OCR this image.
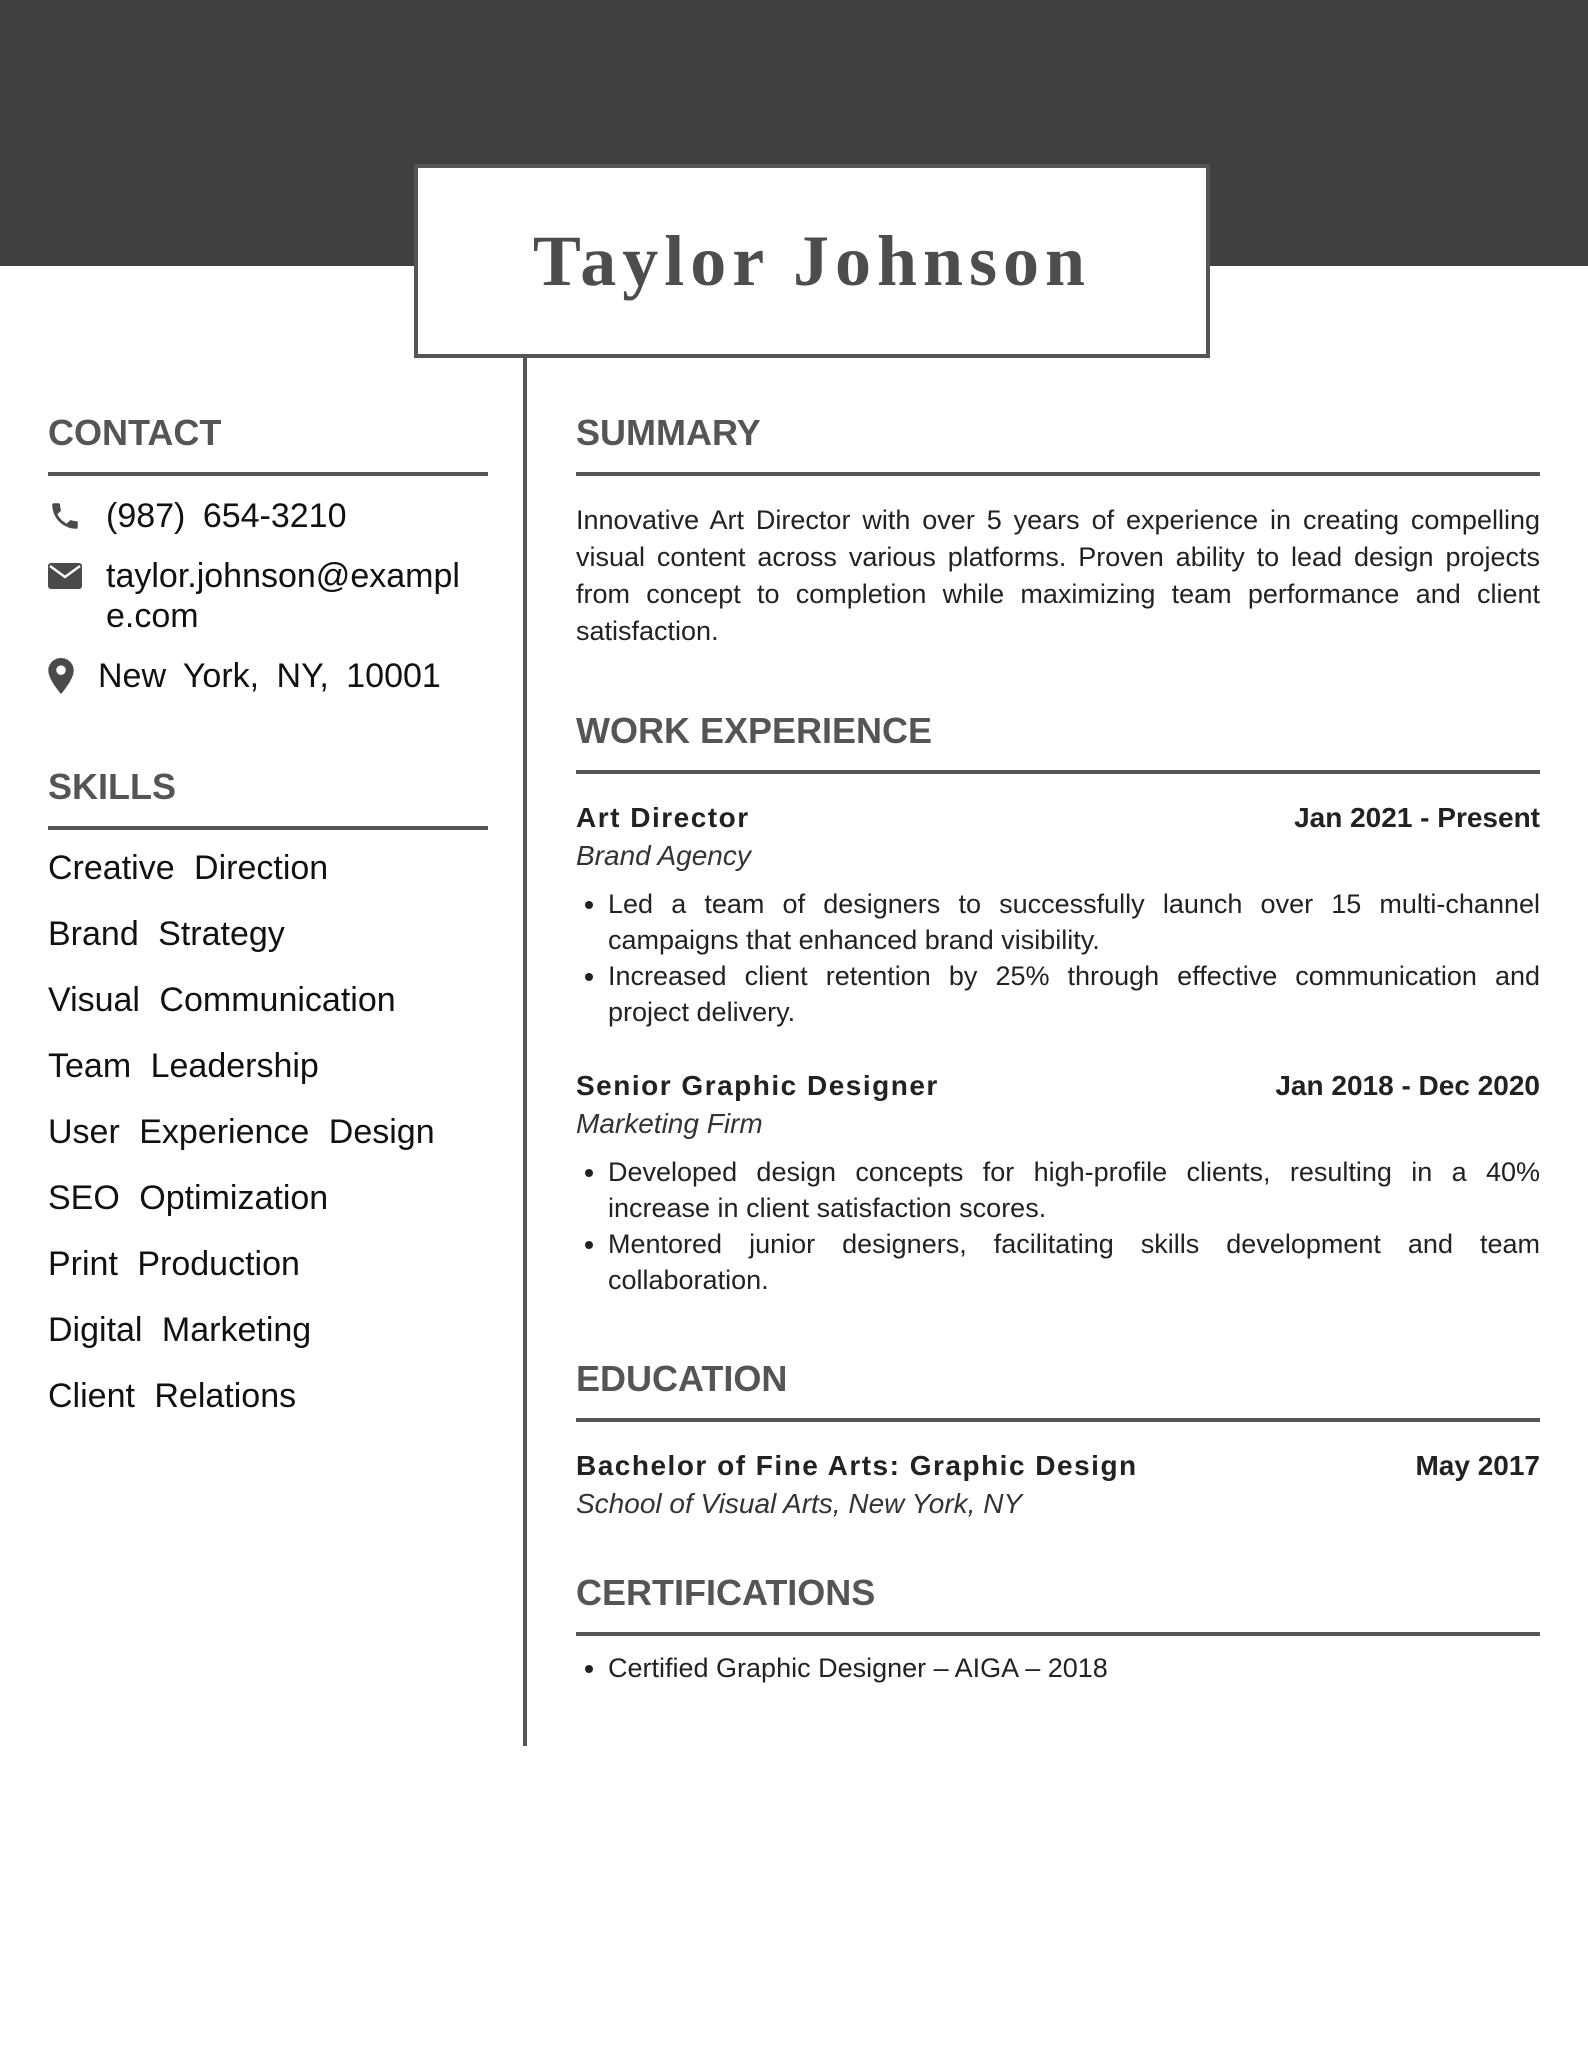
Taylor Johnson
CONTACT
(987) 654-3210
taylor.johnson@example.com
New York, NY, 10001
SKILLS
Creative Direction
Brand Strategy
Visual Communication
Team Leadership
User Experience Design
SEO Optimization
Print Production
Digital Marketing
Client Relations
SUMMARY

Innovative Art Director with over 5 years of experience in creating compelling visual content across various platforms. Proven ability to lead design projects from concept to completion while maximizing team performance and client satisfaction.

WORK EXPERIENCE
Art Director	Jan 2021 - Present
Brand Agency
• Led a team of designers to successfully launch over 15 multi-channel campaigns that enhanced brand visibility.
• Increased client retention by 25% through effective communication and project delivery.
Senior Graphic Designer	Jan 2018 - Dec 2020
Marketing Firm
• Developed design concepts for high-profile clients, resulting in a 40% increase in client satisfaction scores.
• Mentored junior designers, facilitating skills development and team collaboration.
EDUCATION
Bachelor of Fine Arts: Graphic Design	May 2017
School of Visual Arts, New York, NY
CERTIFICATIONS
• Certified Graphic Designer – AIGA – 2018
